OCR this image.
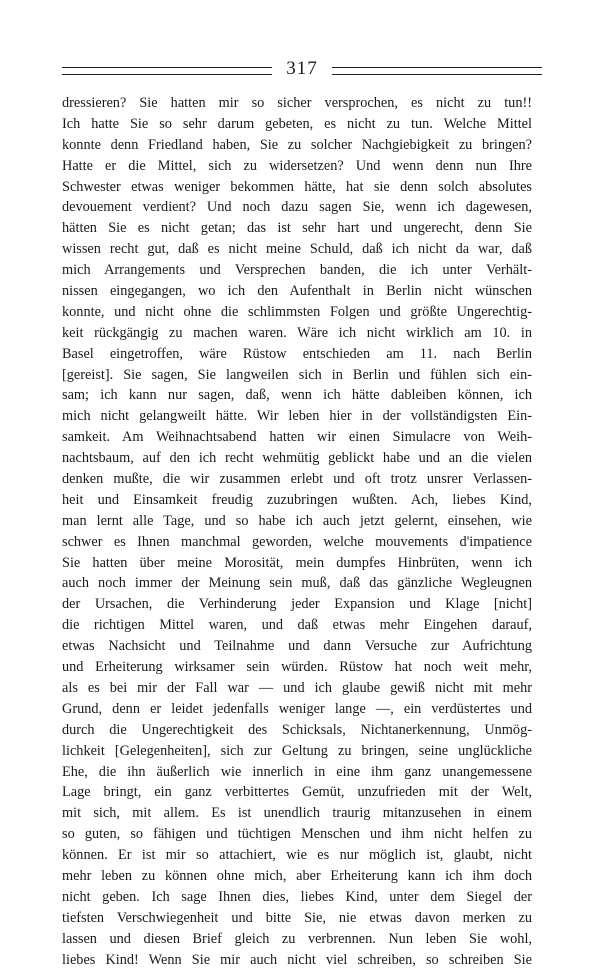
317
dressieren? Sie hatten mir so sicher versprochen, es nicht zu tun!!
Ich hatte Sie so sehr darum gebeten, es nicht zu tun. Welche Mittel
konnte denn Friedland haben, Sie zu solcher Nachgiebigkeit zu bringen?
Hatte er die Mittel, sich zu widersetzen? Und wenn denn nun Ihre
Schwester etwas weniger bekommen hätte, hat sie denn solch absolutes
devouement verdient? Und noch dazu sagen Sie, wenn ich dagewesen,
hätten Sie es nicht getan; das ist sehr hart und ungerecht, denn Sie
wissen recht gut, daß es nicht meine Schuld, daß ich nicht da war, daß
mich Arrangements und Versprechen banden, die ich unter Verhält-
nissen eingegangen, wo ich den Aufenthalt in Berlin nicht wünschen
konnte, und nicht ohne die schlimmsten Folgen und größte Ungerechtig-
keit rückgängig zu machen waren. Wäre ich nicht wirklich am 10. in
Basel eingetroffen, wäre Rüstow entschieden am 11. nach Berlin
[gereist]. Sie sagen, Sie langweilen sich in Berlin und fühlen sich ein-
sam; ich kann nur sagen, daß, wenn ich hätte dableiben können, ich
mich nicht gelangweilt hätte. Wir leben hier in der vollständigsten Ein-
samkeit. Am Weihnachtsabend hatten wir einen Simulacre von Weih-
nachtsbaum, auf den ich recht wehmütig geblickt habe und an die vielen
denken mußte, die wir zusammen erlebt und oft trotz unsrer Verlassen-
heit und Einsamkeit freudig zuzubringen wußten. Ach, liebes Kind,
man lernt alle Tage, und so habe ich auch jetzt gelernt, einsehen, wie
schwer es Ihnen manchmal geworden, welche mouvements d'impatience
Sie hatten über meine Morosität, mein dumpfes Hinbrüten, wenn ich
auch noch immer der Meinung sein muß, daß das gänzliche Wegleugnen
der Ursachen, die Verhinderung jeder Expansion und Klage [nicht]
die richtigen Mittel waren, und daß etwas mehr Eingehen darauf,
etwas Nachsicht und Teilnahme und dann Versuche zur Aufrichtung
und Erheiterung wirksamer sein würden. Rüstow hat noch weit mehr,
als es bei mir der Fall war — und ich glaube gewiß nicht mit mehr
Grund, denn er leidet jedenfalls weniger lange —, ein verdüstertes und
durch die Ungerechtigkeit des Schicksals, Nichtanerkennung, Unmög-
lichkeit [Gelegenheiten], sich zur Geltung zu bringen, seine unglückliche
Ehe, die ihn äußerlich wie innerlich in eine ihm ganz unangemessene
Lage bringt, ein ganz verbittertes Gemüt, unzufrieden mit der Welt,
mit sich, mit allem. Es ist unendlich traurig mitanzusehen in einem
so guten, so fähigen und tüchtigen Menschen und ihm nicht helfen zu
können. Er ist mir so attachiert, wie es nur möglich ist, glaubt, nicht
mehr leben zu können ohne mich, aber Erheiterung kann ich ihm doch
nicht geben. Ich sage Ihnen dies, liebes Kind, unter dem Siegel der
tiefsten Verschwiegenheit und bitte Sie, nie etwas davon merken zu
lassen und diesen Brief gleich zu verbrennen. Nun leben Sie wohl,
liebes Kind! Wenn Sie mir auch nicht viel schreiben, so schreiben Sie
